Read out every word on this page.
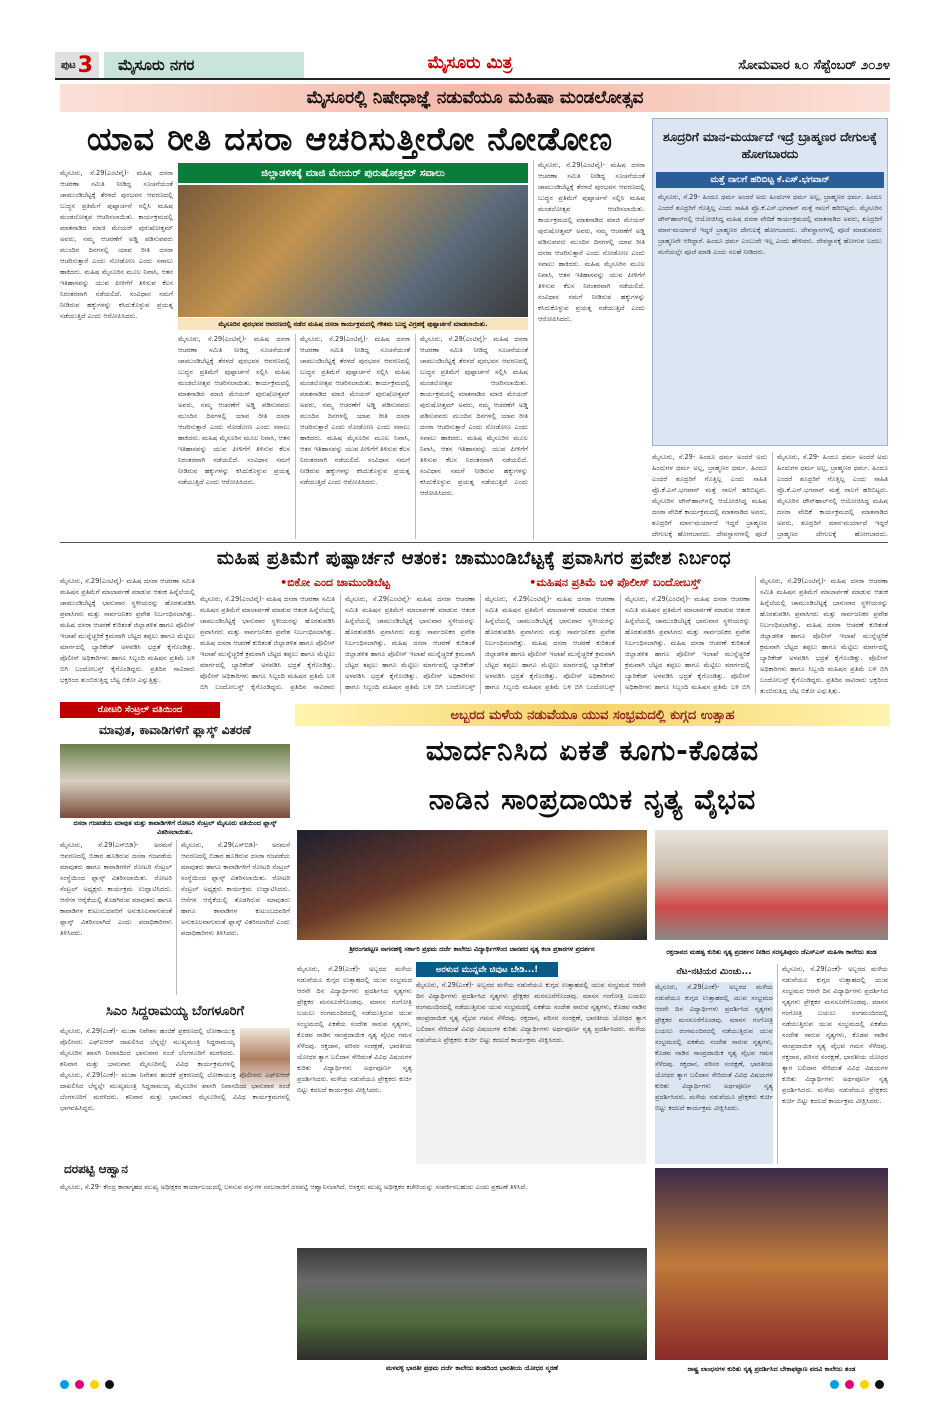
ಪುಟ 3	ಮೈಸೂರು ನಗರ	ಮೈಸೂರು ಮಿತ್ರ	ಸೋಮವಾರ ೩೦ ಸೆಪ್ಟೆಂಬರ್ ೨೦೨೪
ಮೈಸೂರಲ್ಲಿ ನಿಷೇಧಾಜ್ಞೆ ನಡುವೆಯೂ ಮಹಿಷಾ ಮಂಡಲೋತ್ಸವ
ಯಾವ ರೀತಿ ದಸರಾ ಆಚರಿಸುತ್ತೀರೋ ನೋಡೋಣ
ಮೈಸೂರು, ಸೆ.29(ಎಂಟಿವೈ)- ಮಹಿಷ ದಸರಾ ಆಚರಣಾ ಸಮಿತಿ ನೀಡಿದ್ದ ಸೂಚನೆಯಂತೆ ಚಾಮುಂಡಿಬೆಟ್ಟಕ್ಕೆ ತೆರಳದೆ ಪುರಭವನ ಆವರಣದಲ್ಲಿ ಬುದ್ಧನ ಪ್ರತಿಮೆಗೆ ಪುಷ್ಪಾರ್ಚನೆ ಸಲ್ಲಿಸಿ ಮಹಿಷ ಮಂಡಲೋತ್ಸವ ಆಚರಿಸಲಾಯಿತು. ಕಾರ್ಯಕ್ರಮದಲ್ಲಿ ಮಾತನಾಡಿದ ಮಾಜಿ ಮೇಯರ್ ಪುರುಷೋತ್ತಮ್ ಅವರು, ನಮ್ಮ ಆಚರಣೆಗೆ ಅಡ್ಡಿ ಪಡಿಸುವವರು ಮುಂದಿನ ದಿನಗಳಲ್ಲಿ ಯಾವ ರೀತಿ ದಸರಾ ಆಚರಿಸುತ್ತಾರೆ ಎಂದು ನೋಡೋಣ ಎಂದು ಸವಾಲು ಹಾಕಿದರು. ಮಹಿಷ ಮೈಸೂರಿನ ಮೂಲ ನಿವಾಸಿ, ಆತನ ಇತಿಹಾಸವನ್ನು ಯುವ ಪೀಳಿಗೆಗೆ ತಿಳಿಸುವ ಕೆಲಸ ನಿರಂತರವಾಗಿ ನಡೆಯಲಿದೆ. ಸಂವಿಧಾನ ನಮಗೆ ನೀಡಿರುವ ಹಕ್ಕುಗಳನ್ನು ಕಸಿದುಕೊಳ್ಳುವ ಪ್ರಯತ್ನ ನಡೆಯುತ್ತಿದೆ ಎಂದು ಆರೋಪಿಸಿದರು.
ಜಿಲ್ಲಾಡಳಿತಕ್ಕೆ ಮಾಜಿ ಮೇಯರ್ ಪುರುಷೋತ್ತಮ್ ಸವಾಲು
ಮೈಸೂರಿನ ಪುರಭವನ ಆವರಣದಲ್ಲಿ ನಡೆದ ಮಹಿಷ ದಸರಾ ಕಾರ್ಯಕ್ರಮದಲ್ಲಿ ಗೌತಮ ಬುದ್ಧ ವಿಗ್ರಹಕ್ಕೆ ಪುಷ್ಪಾರ್ಚನೆ ಮಾಡಲಾಯಿತು.
ಮೈಸೂರು, ಸೆ.29(ಎಂಟಿವೈ)- ಮಹಿಷ ದಸರಾ ಆಚರಣಾ ಸಮಿತಿ ನೀಡಿದ್ದ ಸೂಚನೆಯಂತೆ ಚಾಮುಂಡಿಬೆಟ್ಟಕ್ಕೆ ತೆರಳದೆ ಪುರಭವನ ಆವರಣದಲ್ಲಿ ಬುದ್ಧನ ಪ್ರತಿಮೆಗೆ ಪುಷ್ಪಾರ್ಚನೆ ಸಲ್ಲಿಸಿ ಮಹಿಷ ಮಂಡಲೋತ್ಸವ ಆಚರಿಸಲಾಯಿತು. ಕಾರ್ಯಕ್ರಮದಲ್ಲಿ ಮಾತನಾಡಿದ ಮಾಜಿ ಮೇಯರ್ ಪುರುಷೋತ್ತಮ್ ಅವರು, ನಮ್ಮ ಆಚರಣೆಗೆ ಅಡ್ಡಿ ಪಡಿಸುವವರು ಮುಂದಿನ ದಿನಗಳಲ್ಲಿ ಯಾವ ರೀತಿ ದಸರಾ ಆಚರಿಸುತ್ತಾರೆ ಎಂದು ನೋಡೋಣ ಎಂದು ಸವಾಲು ಹಾಕಿದರು. ಮಹಿಷ ಮೈಸೂರಿನ ಮೂಲ ನಿವಾಸಿ, ಆತನ ಇತಿಹಾಸವನ್ನು ಯುವ ಪೀಳಿಗೆಗೆ ತಿಳಿಸುವ ಕೆಲಸ ನಿರಂತರವಾಗಿ ನಡೆಯಲಿದೆ. ಸಂವಿಧಾನ ನಮಗೆ ನೀಡಿರುವ ಹಕ್ಕುಗಳನ್ನು ಕಸಿದುಕೊಳ್ಳುವ ಪ್ರಯತ್ನ ನಡೆಯುತ್ತಿದೆ ಎಂದು ಆರೋಪಿಸಿದರು.
ಮೈಸೂರು, ಸೆ.29(ಎಂಟಿವೈ)- ಮಹಿಷ ದಸರಾ ಆಚರಣಾ ಸಮಿತಿ ನೀಡಿದ್ದ ಸೂಚನೆಯಂತೆ ಚಾಮುಂಡಿಬೆಟ್ಟಕ್ಕೆ ತೆರಳದೆ ಪುರಭವನ ಆವರಣದಲ್ಲಿ ಬುದ್ಧನ ಪ್ರತಿಮೆಗೆ ಪುಷ್ಪಾರ್ಚನೆ ಸಲ್ಲಿಸಿ ಮಹಿಷ ಮಂಡಲೋತ್ಸವ ಆಚರಿಸಲಾಯಿತು. ಕಾರ್ಯಕ್ರಮದಲ್ಲಿ ಮಾತನಾಡಿದ ಮಾಜಿ ಮೇಯರ್ ಪುರುಷೋತ್ತಮ್ ಅವರು, ನಮ್ಮ ಆಚರಣೆಗೆ ಅಡ್ಡಿ ಪಡಿಸುವವರು ಮುಂದಿನ ದಿನಗಳಲ್ಲಿ ಯಾವ ರೀತಿ ದಸರಾ ಆಚರಿಸುತ್ತಾರೆ ಎಂದು ನೋಡೋಣ ಎಂದು ಸವಾಲು ಹಾಕಿದರು. ಮಹಿಷ ಮೈಸೂರಿನ ಮೂಲ ನಿವಾಸಿ, ಆತನ ಇತಿಹಾಸವನ್ನು ಯುವ ಪೀಳಿಗೆಗೆ ತಿಳಿಸುವ ಕೆಲಸ ನಿರಂತರವಾಗಿ ನಡೆಯಲಿದೆ. ಸಂವಿಧಾನ ನಮಗೆ ನೀಡಿರುವ ಹಕ್ಕುಗಳನ್ನು ಕಸಿದುಕೊಳ್ಳುವ ಪ್ರಯತ್ನ ನಡೆಯುತ್ತಿದೆ ಎಂದು ಆರೋಪಿಸಿದರು.
ಮೈಸೂರು, ಸೆ.29(ಎಂಟಿವೈ)- ಮಹಿಷ ದಸರಾ ಆಚರಣಾ ಸಮಿತಿ ನೀಡಿದ್ದ ಸೂಚನೆಯಂತೆ ಚಾಮುಂಡಿಬೆಟ್ಟಕ್ಕೆ ತೆರಳದೆ ಪುರಭವನ ಆವರಣದಲ್ಲಿ ಬುದ್ಧನ ಪ್ರತಿಮೆಗೆ ಪುಷ್ಪಾರ್ಚನೆ ಸಲ್ಲಿಸಿ ಮಹಿಷ ಮಂಡಲೋತ್ಸವ ಆಚರಿಸಲಾಯಿತು. ಕಾರ್ಯಕ್ರಮದಲ್ಲಿ ಮಾತನಾಡಿದ ಮಾಜಿ ಮೇಯರ್ ಪುರುಷೋತ್ತಮ್ ಅವರು, ನಮ್ಮ ಆಚರಣೆಗೆ ಅಡ್ಡಿ ಪಡಿಸುವವರು ಮುಂದಿನ ದಿನಗಳಲ್ಲಿ ಯಾವ ರೀತಿ ದಸರಾ ಆಚರಿಸುತ್ತಾರೆ ಎಂದು ನೋಡೋಣ ಎಂದು ಸವಾಲು ಹಾಕಿದರು. ಮಹಿಷ ಮೈಸೂರಿನ ಮೂಲ ನಿವಾಸಿ, ಆತನ ಇತಿಹಾಸವನ್ನು ಯುವ ಪೀಳಿಗೆಗೆ ತಿಳಿಸುವ ಕೆಲಸ ನಿರಂತರವಾಗಿ ನಡೆಯಲಿದೆ. ಸಂವಿಧಾನ ನಮಗೆ ನೀಡಿರುವ ಹಕ್ಕುಗಳನ್ನು ಕಸಿದುಕೊಳ್ಳುವ ಪ್ರಯತ್ನ ನಡೆಯುತ್ತಿದೆ ಎಂದು ಆರೋಪಿಸಿದರು.
ಮೈಸೂರು, ಸೆ.29(ಎಂಟಿವೈ)- ಮಹಿಷ ದಸರಾ ಆಚರಣಾ ಸಮಿತಿ ನೀಡಿದ್ದ ಸೂಚನೆಯಂತೆ ಚಾಮುಂಡಿಬೆಟ್ಟಕ್ಕೆ ತೆರಳದೆ ಪುರಭವನ ಆವರಣದಲ್ಲಿ ಬುದ್ಧನ ಪ್ರತಿಮೆಗೆ ಪುಷ್ಪಾರ್ಚನೆ ಸಲ್ಲಿಸಿ ಮಹಿಷ ಮಂಡಲೋತ್ಸವ ಆಚರಿಸಲಾಯಿತು. ಕಾರ್ಯಕ್ರಮದಲ್ಲಿ ಮಾತನಾಡಿದ ಮಾಜಿ ಮೇಯರ್ ಪುರುಷೋತ್ತಮ್ ಅವರು, ನಮ್ಮ ಆಚರಣೆಗೆ ಅಡ್ಡಿ ಪಡಿಸುವವರು ಮುಂದಿನ ದಿನಗಳಲ್ಲಿ ಯಾವ ರೀತಿ ದಸರಾ ಆಚರಿಸುತ್ತಾರೆ ಎಂದು ನೋಡೋಣ ಎಂದು ಸವಾಲು ಹಾಕಿದರು. ಮಹಿಷ ಮೈಸೂರಿನ ಮೂಲ ನಿವಾಸಿ, ಆತನ ಇತಿಹಾಸವನ್ನು ಯುವ ಪೀಳಿಗೆಗೆ ತಿಳಿಸುವ ಕೆಲಸ ನಿರಂತರವಾಗಿ ನಡೆಯಲಿದೆ. ಸಂವಿಧಾನ ನಮಗೆ ನೀಡಿರುವ ಹಕ್ಕುಗಳನ್ನು ಕಸಿದುಕೊಳ್ಳುವ ಪ್ರಯತ್ನ ನಡೆಯುತ್ತಿದೆ ಎಂದು ಆರೋಪಿಸಿದರು.
ಶೂದ್ರರಿಗೆ ಮಾನ-ಮರ್ಯಾದೆ ಇದ್ರೆ ಬ್ರಾಹ್ಮಣರ ದೇಗುಲಕ್ಕೆ ಹೋಗಬಾರದು
ಮತ್ತೆ ನಾಲಗೆ ಹರಿಬಿಟ್ಟ ಕೆ.ಎಸ್.ಭಗವಾನ್
ಮೈಸೂರು, ಸೆ.29- ಹಿಂದೂ ಧರ್ಮ ಅಂದರೆ ಅದು ಹಿಂದುಗಳ ಧರ್ಮ ಅಲ್ಲ, ಬ್ರಾಹ್ಮಣರ ಧರ್ಮ. ಹಿಂದೂ ಎಂದರೆ ಶೂದ್ರರಿಗೆ ಗೊತ್ತಿಲ್ಲ ಎಂದು ಸಾಹಿತಿ ಪ್ರೊ.ಕೆ.ಎಸ್.ಭಗವಾನ್ ಮತ್ತೆ ನಾಲಗೆ ಹರಿಬಿಟ್ಟರು. ಮೈಸೂರಿನ ಟೌನ್‌ಹಾಲ್‌ನಲ್ಲಿ ಆಯೋಜಿಸಿದ್ದ ಮಹಿಷ ದಸರಾ ವೇದಿಕೆ ಕಾರ್ಯಕ್ರಮದಲ್ಲಿ ಮಾತನಾಡಿದ ಅವರು, ಶೂದ್ರರಿಗೆ ಮಾನ-ಮರ್ಯಾದೆ ಇದ್ದರೆ ಬ್ರಾಹ್ಮಣರ ದೇಗುಲಕ್ಕೆ ಹೋಗಬಾರದು. ದೇವಸ್ಥಾನಗಳಲ್ಲಿ ಪೂಜೆ ಮಾಡುವವರು ಬ್ರಾಹ್ಮಣರೇ ಆಗಿದ್ದಾರೆ. ಹಿಂದೂ ಧರ್ಮ ಎಂಬುದೇ ಇಲ್ಲ ಎಂದು ಹೇಳಿದರು. ದೇವಸ್ಥಾನಕ್ಕೆ ಹೋಗುವ ಬದಲು ಮನೆಯಲ್ಲೇ ಪೂಜೆ ಮಾಡಿ ಎಂದು ಸಲಹೆ ನೀಡಿದರು.
ಮೈಸೂರು, ಸೆ.29- ಹಿಂದೂ ಧರ್ಮ ಅಂದರೆ ಅದು ಹಿಂದುಗಳ ಧರ್ಮ ಅಲ್ಲ, ಬ್ರಾಹ್ಮಣರ ಧರ್ಮ. ಹಿಂದೂ ಎಂದರೆ ಶೂದ್ರರಿಗೆ ಗೊತ್ತಿಲ್ಲ ಎಂದು ಸಾಹಿತಿ ಪ್ರೊ.ಕೆ.ಎಸ್.ಭಗವಾನ್ ಮತ್ತೆ ನಾಲಗೆ ಹರಿಬಿಟ್ಟರು. ಮೈಸೂರಿನ ಟೌನ್‌ಹಾಲ್‌ನಲ್ಲಿ ಆಯೋಜಿಸಿದ್ದ ಮಹಿಷ ದಸರಾ ವೇದಿಕೆ ಕಾರ್ಯಕ್ರಮದಲ್ಲಿ ಮಾತನಾಡಿದ ಅವರು, ಶೂದ್ರರಿಗೆ ಮಾನ-ಮರ್ಯಾದೆ ಇದ್ದರೆ ಬ್ರಾಹ್ಮಣರ ದೇಗುಲಕ್ಕೆ ಹೋಗಬಾರದು. ದೇವಸ್ಥಾನಗಳಲ್ಲಿ ಪೂಜೆ
ಮೈಸೂರು, ಸೆ.29- ಹಿಂದೂ ಧರ್ಮ ಅಂದರೆ ಅದು ಹಿಂದುಗಳ ಧರ್ಮ ಅಲ್ಲ, ಬ್ರಾಹ್ಮಣರ ಧರ್ಮ. ಹಿಂದೂ ಎಂದರೆ ಶೂದ್ರರಿಗೆ ಗೊತ್ತಿಲ್ಲ ಎಂದು ಸಾಹಿತಿ ಪ್ರೊ.ಕೆ.ಎಸ್.ಭಗವಾನ್ ಮತ್ತೆ ನಾಲಗೆ ಹರಿಬಿಟ್ಟರು. ಮೈಸೂರಿನ ಟೌನ್‌ಹಾಲ್‌ನಲ್ಲಿ ಆಯೋಜಿಸಿದ್ದ ಮಹಿಷ ದಸರಾ ವೇದಿಕೆ ಕಾರ್ಯಕ್ರಮದಲ್ಲಿ ಮಾತನಾಡಿದ ಅವರು, ಶೂದ್ರರಿಗೆ ಮಾನ-ಮರ್ಯಾದೆ ಇದ್ದರೆ ಬ್ರಾಹ್ಮಣರ ದೇಗುಲಕ್ಕೆ ಹೋಗಬಾರದು.
ಮಹಿಷ ಪ್ರತಿಮೆಗೆ ಪುಷ್ಪಾರ್ಚನೆ ಆತಂಕ: ಚಾಮುಂಡಿಬೆಟ್ಟಕ್ಕೆ ಪ್ರವಾಸಿಗರ ಪ್ರವೇಶ ನಿರ್ಬಂಧ
ಮೈಸೂರು, ಸೆ.29(ಎಂಟಿವೈ)- ಮಹಿಷ ದಸರಾ ಆಚರಣಾ ಸಮಿತಿ ಮಹಿಷನ ಪ್ರತಿಮೆಗೆ ಮಾಲಾರ್ಪಣೆ ಮಾಡುವ ಆತಂಕ ಹಿನ್ನೆಲೆಯಲ್ಲಿ ಚಾಮುಂಡಿಬೆಟ್ಟಕ್ಕೆ ಭಾನುವಾರ ಸ್ಥಳೀಯರನ್ನು ಹೊರತುಪಡಿಸಿ ಪ್ರವಾಸಿಗರು ಮತ್ತು ಸಾರ್ವಜನಿಕರ ಪ್ರವೇಶ ನಿರ್ಬಂಧಿಸಲಾಗಿತ್ತು. ಮಹಿಷ ದಸರಾ ಆಚರಣೆ ಕುರಿತಂತೆ ಜಿಲ್ಲಾಡಳಿತ ಹಾಗೂ ಪೊಲೀಸ್ ಇಲಾಖೆ ಮುನ್ನೆಚ್ಚರಿಕೆ ಕ್ರಮವಾಗಿ ಬೆಟ್ಟದ ತಪ್ಪಲು ಹಾಗೂ ಮೆಟ್ಟಿಲು ಮಾರ್ಗದಲ್ಲಿ ಬ್ಯಾರಿಕೇಡ್ ಅಳವಡಿಸಿ ಭದ್ರತೆ ಕೈಗೊಂಡಿತ್ತು. ಪೊಲೀಸ್ ಅಧಿಕಾರಿಗಳು ಹಾಗೂ ಸಿಬ್ಬಂದಿ ಮಹಿಷನ ಪ್ರತಿಮೆ ಬಳಿ ಬಿಗಿ ಬಂದೋಬಸ್ತ್ ಕೈಗೊಂಡಿದ್ದರು. ಪ್ರತಿದಿನ ಸಾವಿರಾರು ಭಕ್ತರಿಂದ ತುಂಬಿರುತ್ತಿದ್ದ ಬೆಟ್ಟ ಬಿಕೋ ಎನ್ನುತ್ತಿತ್ತು.
•ಬಿಕೋ ಎಂದ ಚಾಮುಂಡಿಬೆಟ್ಟ	•ಮಹಿಷನ ಪ್ರತಿಮೆ ಬಳಿ ಪೊಲೀಸ್ ಬಂದೋಬಸ್ತ್
ಮೈಸೂರು, ಸೆ.29(ಎಂಟಿವೈ)- ಮಹಿಷ ದಸರಾ ಆಚರಣಾ ಸಮಿತಿ ಮಹಿಷನ ಪ್ರತಿಮೆಗೆ ಮಾಲಾರ್ಪಣೆ ಮಾಡುವ ಆತಂಕ ಹಿನ್ನೆಲೆಯಲ್ಲಿ ಚಾಮುಂಡಿಬೆಟ್ಟಕ್ಕೆ ಭಾನುವಾರ ಸ್ಥಳೀಯರನ್ನು ಹೊರತುಪಡಿಸಿ ಪ್ರವಾಸಿಗರು ಮತ್ತು ಸಾರ್ವಜನಿಕರ ಪ್ರವೇಶ ನಿರ್ಬಂಧಿಸಲಾಗಿತ್ತು. ಮಹಿಷ ದಸರಾ ಆಚರಣೆ ಕುರಿತಂತೆ ಜಿಲ್ಲಾಡಳಿತ ಹಾಗೂ ಪೊಲೀಸ್ ಇಲಾಖೆ ಮುನ್ನೆಚ್ಚರಿಕೆ ಕ್ರಮವಾಗಿ ಬೆಟ್ಟದ ತಪ್ಪಲು ಹಾಗೂ ಮೆಟ್ಟಿಲು ಮಾರ್ಗದಲ್ಲಿ ಬ್ಯಾರಿಕೇಡ್ ಅಳವಡಿಸಿ ಭದ್ರತೆ ಕೈಗೊಂಡಿತ್ತು. ಪೊಲೀಸ್ ಅಧಿಕಾರಿಗಳು ಹಾಗೂ ಸಿಬ್ಬಂದಿ ಮಹಿಷನ ಪ್ರತಿಮೆ ಬಳಿ ಬಿಗಿ ಬಂದೋಬಸ್ತ್ ಕೈಗೊಂಡಿದ್ದರು. ಪ್ರತಿದಿನ ಸಾವಿರಾರು
ಮೈಸೂರು, ಸೆ.29(ಎಂಟಿವೈ)- ಮಹಿಷ ದಸರಾ ಆಚರಣಾ ಸಮಿತಿ ಮಹಿಷನ ಪ್ರತಿಮೆಗೆ ಮಾಲಾರ್ಪಣೆ ಮಾಡುವ ಆತಂಕ ಹಿನ್ನೆಲೆಯಲ್ಲಿ ಚಾಮುಂಡಿಬೆಟ್ಟಕ್ಕೆ ಭಾನುವಾರ ಸ್ಥಳೀಯರನ್ನು ಹೊರತುಪಡಿಸಿ ಪ್ರವಾಸಿಗರು ಮತ್ತು ಸಾರ್ವಜನಿಕರ ಪ್ರವೇಶ ನಿರ್ಬಂಧಿಸಲಾಗಿತ್ತು. ಮಹಿಷ ದಸರಾ ಆಚರಣೆ ಕುರಿತಂತೆ ಜಿಲ್ಲಾಡಳಿತ ಹಾಗೂ ಪೊಲೀಸ್ ಇಲಾಖೆ ಮುನ್ನೆಚ್ಚರಿಕೆ ಕ್ರಮವಾಗಿ ಬೆಟ್ಟದ ತಪ್ಪಲು ಹಾಗೂ ಮೆಟ್ಟಿಲು ಮಾರ್ಗದಲ್ಲಿ ಬ್ಯಾರಿಕೇಡ್ ಅಳವಡಿಸಿ ಭದ್ರತೆ ಕೈಗೊಂಡಿತ್ತು. ಪೊಲೀಸ್ ಅಧಿಕಾರಿಗಳು ಹಾಗೂ ಸಿಬ್ಬಂದಿ ಮಹಿಷನ ಪ್ರತಿಮೆ ಬಳಿ ಬಿಗಿ ಬಂದೋಬಸ್ತ್
ಮೈಸೂರು, ಸೆ.29(ಎಂಟಿವೈ)- ಮಹಿಷ ದಸರಾ ಆಚರಣಾ ಸಮಿತಿ ಮಹಿಷನ ಪ್ರತಿಮೆಗೆ ಮಾಲಾರ್ಪಣೆ ಮಾಡುವ ಆತಂಕ ಹಿನ್ನೆಲೆಯಲ್ಲಿ ಚಾಮುಂಡಿಬೆಟ್ಟಕ್ಕೆ ಭಾನುವಾರ ಸ್ಥಳೀಯರನ್ನು ಹೊರತುಪಡಿಸಿ ಪ್ರವಾಸಿಗರು ಮತ್ತು ಸಾರ್ವಜನಿಕರ ಪ್ರವೇಶ ನಿರ್ಬಂಧಿಸಲಾಗಿತ್ತು. ಮಹಿಷ ದಸರಾ ಆಚರಣೆ ಕುರಿತಂತೆ ಜಿಲ್ಲಾಡಳಿತ ಹಾಗೂ ಪೊಲೀಸ್ ಇಲಾಖೆ ಮುನ್ನೆಚ್ಚರಿಕೆ ಕ್ರಮವಾಗಿ ಬೆಟ್ಟದ ತಪ್ಪಲು ಹಾಗೂ ಮೆಟ್ಟಿಲು ಮಾರ್ಗದಲ್ಲಿ ಬ್ಯಾರಿಕೇಡ್ ಅಳವಡಿಸಿ ಭದ್ರತೆ ಕೈಗೊಂಡಿತ್ತು. ಪೊಲೀಸ್ ಅಧಿಕಾರಿಗಳು ಹಾಗೂ ಸಿಬ್ಬಂದಿ ಮಹಿಷನ ಪ್ರತಿಮೆ ಬಳಿ ಬಿಗಿ ಬಂದೋಬಸ್ತ್
ಮೈಸೂರು, ಸೆ.29(ಎಂಟಿವೈ)- ಮಹಿಷ ದಸರಾ ಆಚರಣಾ ಸಮಿತಿ ಮಹಿಷನ ಪ್ರತಿಮೆಗೆ ಮಾಲಾರ್ಪಣೆ ಮಾಡುವ ಆತಂಕ ಹಿನ್ನೆಲೆಯಲ್ಲಿ ಚಾಮುಂಡಿಬೆಟ್ಟಕ್ಕೆ ಭಾನುವಾರ ಸ್ಥಳೀಯರನ್ನು ಹೊರತುಪಡಿಸಿ ಪ್ರವಾಸಿಗರು ಮತ್ತು ಸಾರ್ವಜನಿಕರ ಪ್ರವೇಶ ನಿರ್ಬಂಧಿಸಲಾಗಿತ್ತು. ಮಹಿಷ ದಸರಾ ಆಚರಣೆ ಕುರಿತಂತೆ ಜಿಲ್ಲಾಡಳಿತ ಹಾಗೂ ಪೊಲೀಸ್ ಇಲಾಖೆ ಮುನ್ನೆಚ್ಚರಿಕೆ ಕ್ರಮವಾಗಿ ಬೆಟ್ಟದ ತಪ್ಪಲು ಹಾಗೂ ಮೆಟ್ಟಿಲು ಮಾರ್ಗದಲ್ಲಿ ಬ್ಯಾರಿಕೇಡ್ ಅಳವಡಿಸಿ ಭದ್ರತೆ ಕೈಗೊಂಡಿತ್ತು. ಪೊಲೀಸ್ ಅಧಿಕಾರಿಗಳು ಹಾಗೂ ಸಿಬ್ಬಂದಿ ಮಹಿಷನ ಪ್ರತಿಮೆ ಬಳಿ ಬಿಗಿ
ಮೈಸೂರು, ಸೆ.29(ಎಂಟಿವೈ)- ಮಹಿಷ ದಸರಾ ಆಚರಣಾ ಸಮಿತಿ ಮಹಿಷನ ಪ್ರತಿಮೆಗೆ ಮಾಲಾರ್ಪಣೆ ಮಾಡುವ ಆತಂಕ ಹಿನ್ನೆಲೆಯಲ್ಲಿ ಚಾಮುಂಡಿಬೆಟ್ಟಕ್ಕೆ ಭಾನುವಾರ ಸ್ಥಳೀಯರನ್ನು ಹೊರತುಪಡಿಸಿ ಪ್ರವಾಸಿಗರು ಮತ್ತು ಸಾರ್ವಜನಿಕರ ಪ್ರವೇಶ ನಿರ್ಬಂಧಿಸಲಾಗಿತ್ತು. ಮಹಿಷ ದಸರಾ ಆಚರಣೆ ಕುರಿತಂತೆ ಜಿಲ್ಲಾಡಳಿತ ಹಾಗೂ ಪೊಲೀಸ್ ಇಲಾಖೆ ಮುನ್ನೆಚ್ಚರಿಕೆ ಕ್ರಮವಾಗಿ ಬೆಟ್ಟದ ತಪ್ಪಲು ಹಾಗೂ ಮೆಟ್ಟಿಲು ಮಾರ್ಗದಲ್ಲಿ ಬ್ಯಾರಿಕೇಡ್ ಅಳವಡಿಸಿ ಭದ್ರತೆ ಕೈಗೊಂಡಿತ್ತು. ಪೊಲೀಸ್ ಅಧಿಕಾರಿಗಳು ಹಾಗೂ ಸಿಬ್ಬಂದಿ ಮಹಿಷನ ಪ್ರತಿಮೆ ಬಳಿ ಬಿಗಿ ಬಂದೋಬಸ್ತ್ ಕೈಗೊಂಡಿದ್ದರು. ಪ್ರತಿದಿನ ಸಾವಿರಾರು ಭಕ್ತರಿಂದ ತುಂಬಿರುತ್ತಿದ್ದ ಬೆಟ್ಟ ಬಿಕೋ ಎನ್ನುತ್ತಿತ್ತು.
ರೋಟರಿ ಸೆಂಟ್ರಲ್ ವತಿಯಿಂದ
ಮಾವುತ, ಕಾವಾಡಿಗಳಿಗೆ ಫ್ಲಾಸ್ಕ್ ವಿತರಣೆ
ದಸರಾ ಗಜಪಡೆಯ ಮಾವುತ ಮತ್ತು ಕಾವಾಡಿಗಳಿಗೆ ರೋಟರಿ ಸೆಂಟ್ರಲ್ ಮೈಸೂರು ವತಿಯಿಂದ ಫ್ಲಾಸ್ಕ್ ವಿತರಿಸಲಾಯಿತು.
ಮೈಸೂರು, ಸೆ.29(ಎಸ್‌ಬಿಡಿ)- ಅರಮನೆ ಆವರಣದಲ್ಲಿ ಬಿಡಾರ ಹೂಡಿರುವ ದಸರಾ ಗಜಪಡೆಯ ಮಾವುತರು ಹಾಗೂ ಕಾವಾಡಿಗಳಿಗೆ ರೋಟರಿ ಸೆಂಟ್ರಲ್ ಸಂಸ್ಥೆಯಿಂದ ಫ್ಲಾಸ್ಕ್ ವಿತರಿಸಲಾಯಿತು. ರೋಟರಿ ಸೆಂಟ್ರಲ್ ಅಧ್ಯಕ್ಷರು ಕಾರ್ಯಕ್ರಮ ಉದ್ಘಾಟಿಸಿದರು. ಆನೆಗಳ ಆರೈಕೆಯಲ್ಲಿ ತೊಡಗಿರುವ ಮಾವುತರು ಹಾಗೂ ಕಾವಾಡಿಗಳ ಕುಟುಂಬದವರಿಗೆ ಅನುಕೂಲವಾಗುವಂತೆ ಫ್ಲಾಸ್ಕ್ ವಿತರಿಸಲಾಗಿದೆ ಎಂದು ಪದಾಧಿಕಾರಿಗಳು ತಿಳಿಸಿದರು.
ಮೈಸೂರು, ಸೆ.29(ಎಸ್‌ಬಿಡಿ)- ಅರಮನೆ ಆವರಣದಲ್ಲಿ ಬಿಡಾರ ಹೂಡಿರುವ ದಸರಾ ಗಜಪಡೆಯ ಮಾವುತರು ಹಾಗೂ ಕಾವಾಡಿಗಳಿಗೆ ರೋಟರಿ ಸೆಂಟ್ರಲ್ ಸಂಸ್ಥೆಯಿಂದ ಫ್ಲಾಸ್ಕ್ ವಿತರಿಸಲಾಯಿತು. ರೋಟರಿ ಸೆಂಟ್ರಲ್ ಅಧ್ಯಕ್ಷರು ಕಾರ್ಯಕ್ರಮ ಉದ್ಘಾಟಿಸಿದರು. ಆನೆಗಳ ಆರೈಕೆಯಲ್ಲಿ ತೊಡಗಿರುವ ಮಾವುತರು ಹಾಗೂ ಕಾವಾಡಿಗಳ ಕುಟುಂಬದವರಿಗೆ ಅನುಕೂಲವಾಗುವಂತೆ ಫ್ಲಾಸ್ಕ್ ವಿತರಿಸಲಾಗಿದೆ ಎಂದು ಪದಾಧಿಕಾರಿಗಳು ತಿಳಿಸಿದರು.
ಸಿಎಂ ಸಿದ್ದರಾಮಯ್ಯ ಬೆಂಗಳೂರಿಗೆ
ಮೈಸೂರು, ಸೆ.29(ಎಂಕೆ)- ಮುಡಾ ನಿವೇಶನ ಹಂಚಿಕೆ ಪ್ರಕರಣದಲ್ಲಿ ಲೋಕಾಯುಕ್ತ ಪೊಲೀಸರು ಎಫ್‌ಐಆರ್ ದಾಖಲಿಸಿದ ಬೆನ್ನಲ್ಲೇ ಮುಖ್ಯಮಂತ್ರಿ ಸಿದ್ದರಾಮಯ್ಯ ಮೈಸೂರಿನ ಖಾಸಗಿ ನಿವಾಸದಿಂದ ಭಾನುವಾರ ಸಂಜೆ ಬೆಂಗಳೂರಿಗೆ ಮರಳಿದರು. ಶನಿವಾರ ಮತ್ತು ಭಾನುವಾರ ಮೈಸೂರಿನಲ್ಲಿ ವಿವಿಧ ಕಾರ್ಯಕ್ರಮಗಳಲ್ಲಿ
ಮೈಸೂರು, ಸೆ.29(ಎಂಕೆ)- ಮುಡಾ ನಿವೇಶನ ಹಂಚಿಕೆ ಪ್ರಕರಣದಲ್ಲಿ ಲೋಕಾಯುಕ್ತ ಪೊಲೀಸರು ಎಫ್‌ಐಆರ್ ದಾಖಲಿಸಿದ ಬೆನ್ನಲ್ಲೇ ಮುಖ್ಯಮಂತ್ರಿ ಸಿದ್ದರಾಮಯ್ಯ ಮೈಸೂರಿನ ಖಾಸಗಿ ನಿವಾಸದಿಂದ ಭಾನುವಾರ ಸಂಜೆ ಬೆಂಗಳೂರಿಗೆ ಮರಳಿದರು. ಶನಿವಾರ ಮತ್ತು ಭಾನುವಾರ ಮೈಸೂರಿನಲ್ಲಿ ವಿವಿಧ ಕಾರ್ಯಕ್ರಮಗಳಲ್ಲಿ ಭಾಗವಹಿಸಿದ್ದರು.
ದರಪಟ್ಟಿ ಆಹ್ವಾನ
ಮೈಸೂರು, ಸೆ.29- ಕೇಂದ್ರ ಕಾರಾಗೃಹದ ಮುಖ್ಯ ಅಧೀಕ್ಷಕರ ಕಾರ್ಯಾಲಯದಲ್ಲಿ ಬಳಸುವ ವಸ್ತುಗಳ ಸರಬರಾಜಿಗೆ ದರಪಟ್ಟಿ ಆಹ್ವಾನಿಸಲಾಗಿದೆ. ಆಸಕ್ತರು ಮುಖ್ಯ ಅಧೀಕ್ಷಕರ ಕಚೇರಿಯನ್ನು ಸಂಪರ್ಕಿಸಬಹುದು ಎಂದು ಪ್ರಕಟಣೆ ತಿಳಿಸಿದೆ.
ಅಬ್ಬರದ ಮಳೆಯ ನಡುವೆಯೂ ಯುವ ಸಂಭ್ರಮದಲ್ಲಿ ಕುಗ್ಗದ ಉತ್ಸಾಹ
ಮಾರ್ದನಿಸಿದ ಏಕತೆ ಕೂಗು-ಕೊಡವ
ನಾಡಿನ ಸಾಂಪ್ರದಾಯಿಕ ನೃತ್ಯ ವೈಭವ
ಶ್ರೀರಂಗಪಟ್ಟಣ ನಾಗನಹಳ್ಳಿ ಸರ್ಕಾರಿ ಪ್ರಥಮ ದರ್ಜೆ ಕಾಲೇಜು ವಿದ್ಯಾರ್ಥಿಗಳಿಂದ ಜಾನಪದ ನೃತ್ಯ ಕಲಾ ಪ್ರಕಾರಗಳ ಪ್ರದರ್ಶನ	ರಕ್ತದಾನದ ಮಹತ್ವ ಕುರಿತು ನೃತ್ಯ ಪ್ರದರ್ಶನ ನೀಡಿದ ಸರಸ್ವತಿಪುರಂ ಜೆಎಸ್‌ಎಸ್ ಮಹಿಳಾ ಕಾಲೇಜು ತಂಡ
ಮೈಸೂರು, ಸೆ.29(ಎಂಕೆ)- ಅಬ್ಬರದ ಮಳೆಯ ನಡುವೆಯೂ ಕುಗ್ಗದ ಉತ್ಸಾಹದಲ್ಲಿ ಯುವ ಸಂಭ್ರಮದ ಆರನೇ ದಿನ ವಿದ್ಯಾರ್ಥಿಗಳು ಪ್ರದರ್ಶಿಸಿದ ನೃತ್ಯಗಳು ಪ್ರೇಕ್ಷಕರ ಮನಸೂರೆಗೊಂಡವು. ಮಾನಸ ಗಂಗೋತ್ರಿ ಬಯಲು ರಂಗಮಂದಿರದಲ್ಲಿ ನಡೆಯುತ್ತಿರುವ ಯುವ ಸಂಭ್ರಮದಲ್ಲಿ ಏಕತೆಯ ಸಂದೇಶ ಸಾರುವ ನೃತ್ಯಗಳು, ಕೊಡವ ನಾಡಿನ ಸಾಂಪ್ರದಾಯಿಕ ನೃತ್ಯ ವೈಭವ ಗಮನ ಸೆಳೆದವು. ರಕ್ತದಾನ, ಪರಿಸರ ಸಂರಕ್ಷಣೆ, ಭಾರತೀಯ ಯೋಧರ ತ್ಯಾಗ ಬಲಿದಾನ ಸೇರಿದಂತೆ ವಿವಿಧ ವಿಷಯಗಳ ಕುರಿತು ವಿದ್ಯಾರ್ಥಿಗಳು ಅರ್ಥಪೂರ್ಣ ನೃತ್ಯ ಪ್ರದರ್ಶಿಸಿದರು. ಮಳೆಯ ನಡುವೆಯೂ ಪ್ರೇಕ್ಷಕರು ಕುರ್ಚಿ ಬಿಟ್ಟು ಕದಲದೆ ಕಾರ್ಯಕ್ರಮ ವೀಕ್ಷಿಸಿದರು.
ಅರಳುವ ಮುನ್ನವೇ ಚಿವುಟ ಬೇಡಿ...!
ಮೈಸೂರು, ಸೆ.29(ಎಂಕೆ)- ಅಬ್ಬರದ ಮಳೆಯ ನಡುವೆಯೂ ಕುಗ್ಗದ ಉತ್ಸಾಹದಲ್ಲಿ ಯುವ ಸಂಭ್ರಮದ ಆರನೇ ದಿನ ವಿದ್ಯಾರ್ಥಿಗಳು ಪ್ರದರ್ಶಿಸಿದ ನೃತ್ಯಗಳು ಪ್ರೇಕ್ಷಕರ ಮನಸೂರೆಗೊಂಡವು. ಮಾನಸ ಗಂಗೋತ್ರಿ ಬಯಲು ರಂಗಮಂದಿರದಲ್ಲಿ ನಡೆಯುತ್ತಿರುವ ಯುವ ಸಂಭ್ರಮದಲ್ಲಿ ಏಕತೆಯ ಸಂದೇಶ ಸಾರುವ ನೃತ್ಯಗಳು, ಕೊಡವ ನಾಡಿನ ಸಾಂಪ್ರದಾಯಿಕ ನೃತ್ಯ ವೈಭವ ಗಮನ ಸೆಳೆದವು. ರಕ್ತದಾನ, ಪರಿಸರ ಸಂರಕ್ಷಣೆ, ಭಾರತೀಯ ಯೋಧರ ತ್ಯಾಗ ಬಲಿದಾನ ಸೇರಿದಂತೆ ವಿವಿಧ ವಿಷಯಗಳ ಕುರಿತು ವಿದ್ಯಾರ್ಥಿಗಳು ಅರ್ಥಪೂರ್ಣ ನೃತ್ಯ ಪ್ರದರ್ಶಿಸಿದರು. ಮಳೆಯ ನಡುವೆಯೂ ಪ್ರೇಕ್ಷಕರು ಕುರ್ಚಿ ಬಿಟ್ಟು ಕದಲದೆ ಕಾರ್ಯಕ್ರಮ ವೀಕ್ಷಿಸಿದರು.
ನೆಟ-ನಟಿಯರ ಮಿಂಚು...
ಮೈಸೂರು, ಸೆ.29(ಎಂಕೆ)- ಅಬ್ಬರದ ಮಳೆಯ ನಡುವೆಯೂ ಕುಗ್ಗದ ಉತ್ಸಾಹದಲ್ಲಿ ಯುವ ಸಂಭ್ರಮದ ಆರನೇ ದಿನ ವಿದ್ಯಾರ್ಥಿಗಳು ಪ್ರದರ್ಶಿಸಿದ ನೃತ್ಯಗಳು ಪ್ರೇಕ್ಷಕರ ಮನಸೂರೆಗೊಂಡವು. ಮಾನಸ ಗಂಗೋತ್ರಿ ಬಯಲು ರಂಗಮಂದಿರದಲ್ಲಿ ನಡೆಯುತ್ತಿರುವ ಯುವ ಸಂಭ್ರಮದಲ್ಲಿ ಏಕತೆಯ ಸಂದೇಶ ಸಾರುವ ನೃತ್ಯಗಳು, ಕೊಡವ ನಾಡಿನ ಸಾಂಪ್ರದಾಯಿಕ ನೃತ್ಯ ವೈಭವ ಗಮನ ಸೆಳೆದವು. ರಕ್ತದಾನ, ಪರಿಸರ ಸಂರಕ್ಷಣೆ, ಭಾರತೀಯ ಯೋಧರ ತ್ಯಾಗ ಬಲಿದಾನ ಸೇರಿದಂತೆ ವಿವಿಧ ವಿಷಯಗಳ ಕುರಿತು ವಿದ್ಯಾರ್ಥಿಗಳು ಅರ್ಥಪೂರ್ಣ ನೃತ್ಯ ಪ್ರದರ್ಶಿಸಿದರು. ಮಳೆಯ ನಡುವೆಯೂ ಪ್ರೇಕ್ಷಕರು ಕುರ್ಚಿ ಬಿಟ್ಟು ಕದಲದೆ ಕಾರ್ಯಕ್ರಮ ವೀಕ್ಷಿಸಿದರು.
ಮೈಸೂರು, ಸೆ.29(ಎಂಕೆ)- ಅಬ್ಬರದ ಮಳೆಯ ನಡುವೆಯೂ ಕುಗ್ಗದ ಉತ್ಸಾಹದಲ್ಲಿ ಯುವ ಸಂಭ್ರಮದ ಆರನೇ ದಿನ ವಿದ್ಯಾರ್ಥಿಗಳು ಪ್ರದರ್ಶಿಸಿದ ನೃತ್ಯಗಳು ಪ್ರೇಕ್ಷಕರ ಮನಸೂರೆಗೊಂಡವು. ಮಾನಸ ಗಂಗೋತ್ರಿ ಬಯಲು ರಂಗಮಂದಿರದಲ್ಲಿ ನಡೆಯುತ್ತಿರುವ ಯುವ ಸಂಭ್ರಮದಲ್ಲಿ ಏಕತೆಯ ಸಂದೇಶ ಸಾರುವ ನೃತ್ಯಗಳು, ಕೊಡವ ನಾಡಿನ ಸಾಂಪ್ರದಾಯಿಕ ನೃತ್ಯ ವೈಭವ ಗಮನ ಸೆಳೆದವು. ರಕ್ತದಾನ, ಪರಿಸರ ಸಂರಕ್ಷಣೆ, ಭಾರತೀಯ ಯೋಧರ ತ್ಯಾಗ ಬಲಿದಾನ ಸೇರಿದಂತೆ ವಿವಿಧ ವಿಷಯಗಳ ಕುರಿತು ವಿದ್ಯಾರ್ಥಿಗಳು ಅರ್ಥಪೂರ್ಣ ನೃತ್ಯ ಪ್ರದರ್ಶಿಸಿದರು. ಮಳೆಯ ನಡುವೆಯೂ ಪ್ರೇಕ್ಷಕರು ಕುರ್ಚಿ ಬಿಟ್ಟು ಕದಲದೆ ಕಾರ್ಯಕ್ರಮ ವೀಕ್ಷಿಸಿದರು.
ಮಳವಳ್ಳಿ ಭಾರತೀ ಪ್ರಥಮ ದರ್ಜೆ ಕಾಲೇಜು ತಂಡದಿಂದ ಭಾರತೀಯ ಯೋಧರ ಸ್ಮರಣೆ	ರಾಷ್ಟ್ರ ಲಾಂಛನಗಳ ಕುರಿತು ನೃತ್ಯ ಪ್ರದರ್ಶಿಸಿದ ಬೇಕಾಫಟ್ಟಾಣ ಪದವಿ ಕಾಲೇಜು ತಂಡ
